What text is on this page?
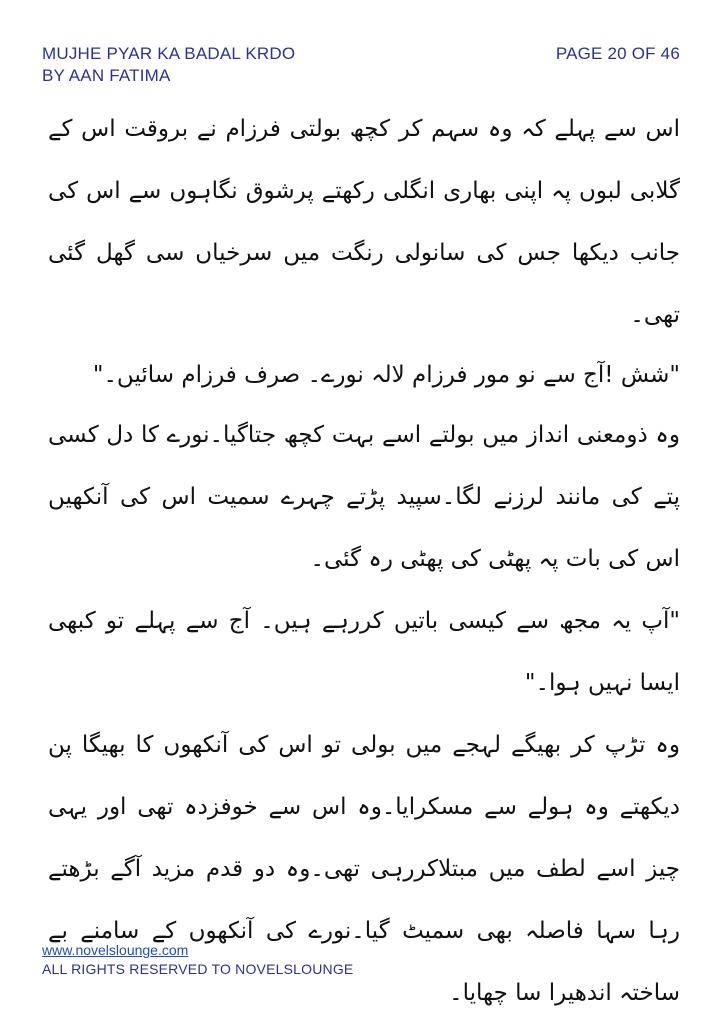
MUJHE PYAR KA BADAL KRDO
BY AAN FATIMA
PAGE 20 OF 46

اس سے پہلے کہ وہ سہم کر کچھ بولتی فرزام نے بروقت اس کے گلابی لبوں پہ اپنی بھاری انگلی رکھتے پرشوق نگاہوں سے اس کی جانب دیکھا جس کی سانولی رنگت میں سرخیاں سی گھل گئی تھی۔

"شش !آج سے نو مور فرزام لالہ نورے۔ صرف فرزام سائیں۔"

وہ ذومعنی انداز میں بولتے اسے بہت کچھ جتاگیا۔نورے کا دل کسی پتے کی مانند لرزنے لگا۔سپید پڑتے چہرے سمیت اس کی آنکھیں اس کی بات پہ پھٹی کی پھٹی رہ گئی۔

"آپ یہ مجھ سے کیسی باتیں کررہے ہیں۔ آج سے پہلے تو کبھی ایسا نہیں ہوا۔"

وہ تڑپ کر بھیگے لہجے میں بولی تو اس کی آنکھوں کا بھیگا پن دیکھتے وہ ہولے سے مسکرایا۔وہ اس سے خوفزدہ تھی اور یہی چیز اسے لطف میں مبتلاکررہی تھی۔وہ دو قدم مزید آگے بڑھتے رہا سہا فاصلہ بھی سمیٹ گیا۔نورے کی آنکھوں کے سامنے بے ساختہ اندھیرا سا چھایا۔

www.novelslounge.com
ALL RIGHTS RESERVED TO NOVELSLOUNGE
